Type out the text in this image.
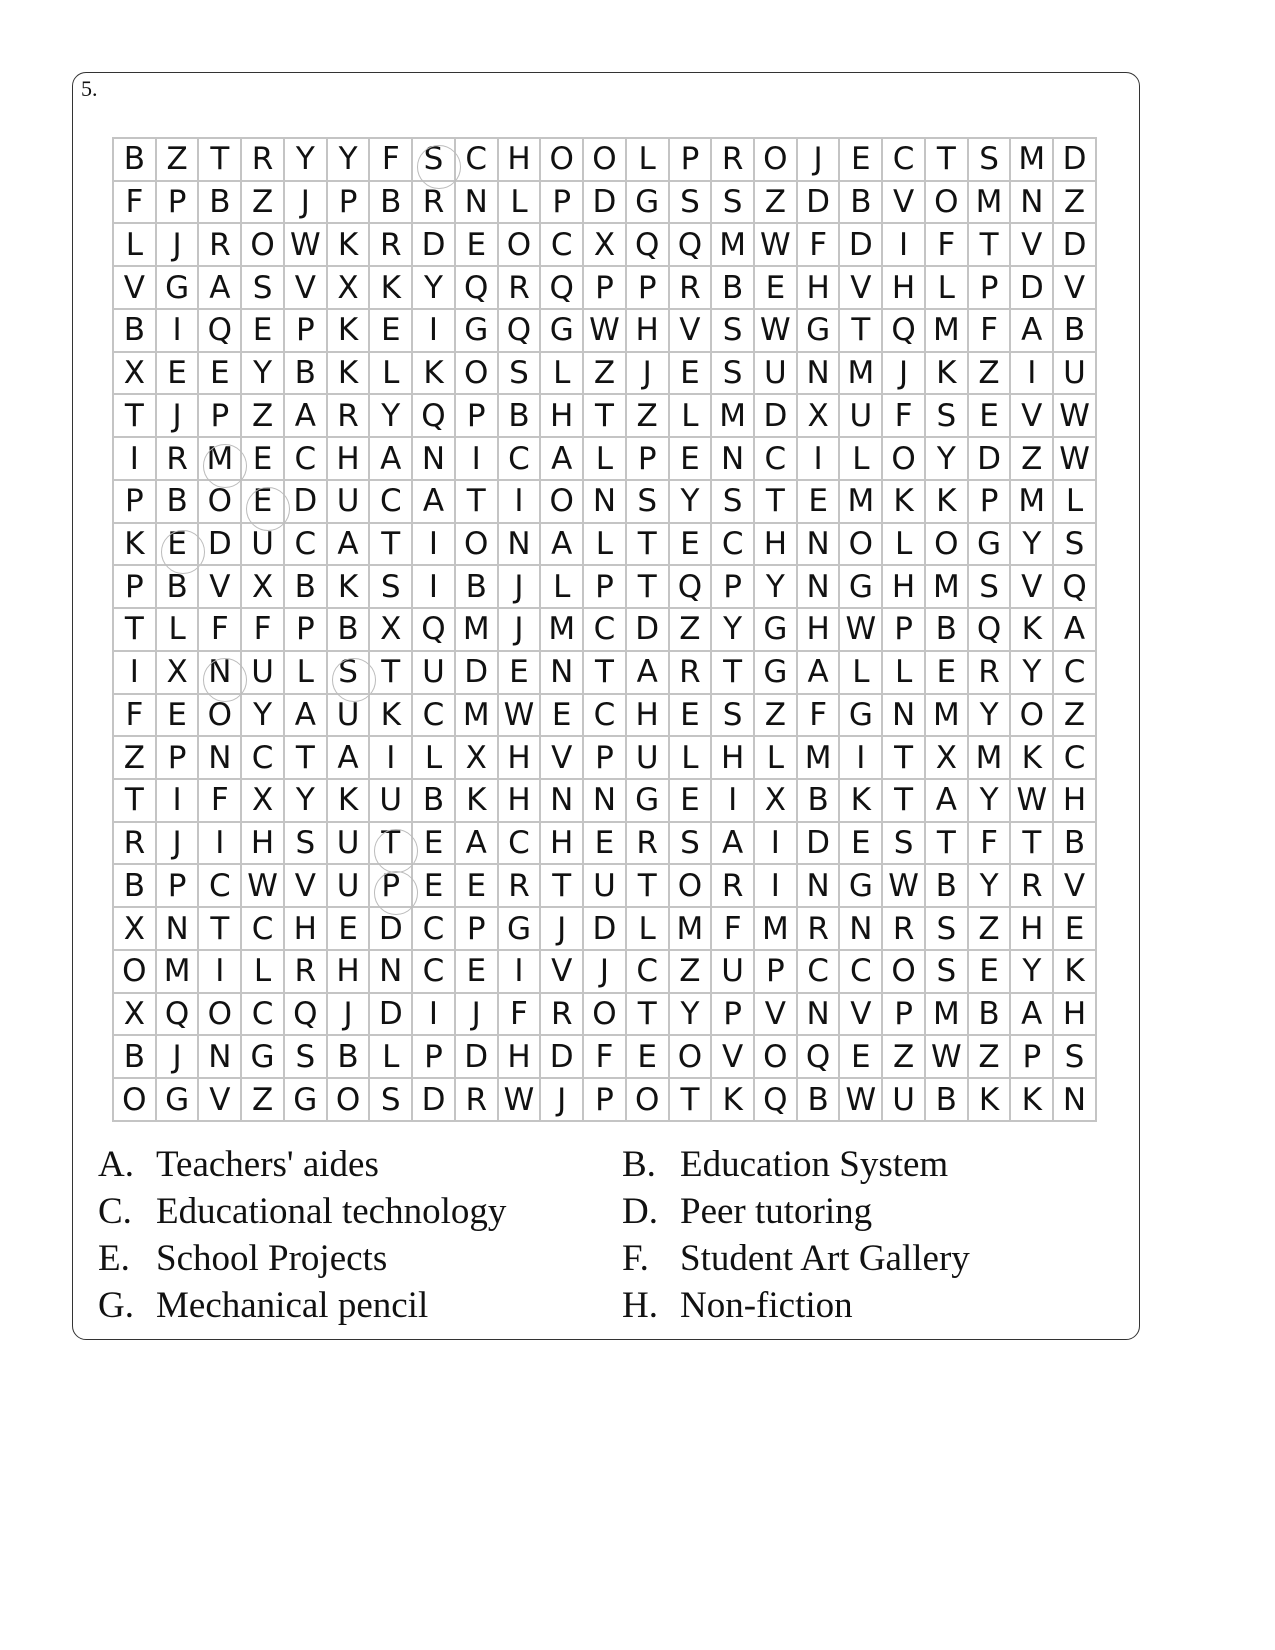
5.
B Z T R Y Y F S C H O O L P R O J E C T S M D
F P B Z J P B R N L P D G S S Z D B V O M N Z
L J R O W K R D E O C X Q Q M W F D I F T V D
V G A S V X K Y Q R Q P P R B E H V H L P D V
B I Q E P K E I G Q G W H V S W G T Q M F A B
X E E Y B K L K O S L Z J E S U N M J K Z I U
T J P Z A R Y Q P B H T Z L M D X U F S E V W
I R M E C H A N I C A L P E N C I L O Y D Z W
P B O E D U C A T I O N S Y S T E M K K P M L
K E D U C A T I O N A L T E C H N O L O G Y S
P B V X B K S I B J L P T Q P Y N G H M S V Q
T L F F P B X Q M J M C D Z Y G H W P B Q K A
I X N U L S T U D E N T A R T G A L L E R Y C
F E O Y A U K C M W E C H E S Z F G N M Y O Z
Z P N C T A I L X H V P U L H L M I T X M K C
T I F X Y K U B K H N N G E I X B K T A Y W H
R J	I H S U T E A C H E R S A I D E S T F T B
B P C W V U P E E R T U T O R I N G W B Y R V
X N T C H E D C P G J D L M F M R N R S Z H E
O M I L R H N C E I V J C Z U P C C O S E Y K
X Q O C Q J D I	J F R O T Y P V N V P M B A H
B J N G S B L P D H D F E O V O Q E Z W Z P S
O G V Z G O S D R W J P O T K Q B W U B K K N
A. Teachers' aides	B. Education System
C. Educational technology	D. Peer tutoring
E. School Projects	F. Student Art Gallery
G. Mechanical pencil	H. Non-fiction
